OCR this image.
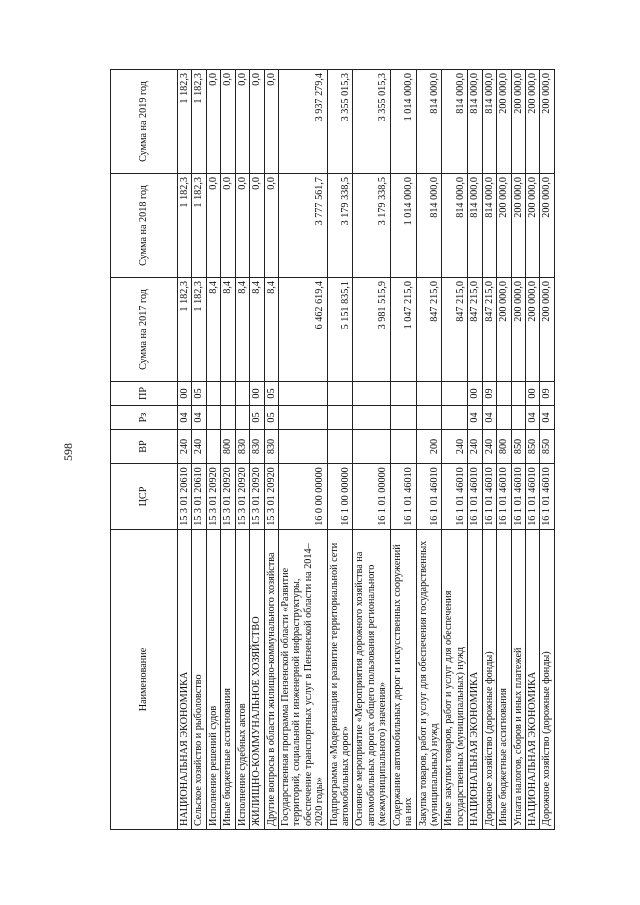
598
Наименование	ЦСР	ВР	Рз	ПР	Сумма на 2017 год	Сумма на 2018 год	Сумма на 2019 год
НАЦИОНАЛЬНАЯ ЭКОНОМИКА	15 3 01 20610	240	04	00	1 182,3	1 182,3	1 182,3
Сельское хозяйство и рыболовство	15 3 01 20610	240	04	05	1 182,3	1 182,3	1 182,3
Исполнение решений судов	15 3 01 20920				8,4	0,0	0,0
Иные бюджетные ассигнования	15 3 01 20920	800			8,4	0,0	0,0
Исполнение судебных актов	15 3 01 20920	830			8,4	0,0	0,0
ЖИЛИЩНО-КОММУНАЛЬНОЕ ХОЗЯЙСТВО	15 3 01 20920	830	05	00	8,4	0,0	0,0
Другие вопросы в области жилищно-коммунального хозяйства	15 3 01 20920	830	05	05	8,4	0,0	0,0
Государственная программа Пензенской области «Развитие территорий, социальной и инженерной инфраструктуры, обеспечение транспортных услуг в Пензенской области на 2014–2020 годы»	16 0 00 00000				6 462 619,4	3 777 561,7	3 937 279,4
Подпрограмма «Модернизация и развитие территориальной сети автомобильных дорог»	16 1 00 00000				5 151 835,1	3 179 338,5	3 355 015,3
Основное мероприятие «Мероприятия дорожного хозяйства на автомобильных дорогах общего пользования регионального (межмуниципального) значения»	16 1 01 00000				3 981 515,9	3 179 338,5	3 355 015,3
Содержание автомобильных дорог и искусственных сооружений на них	16 1 01 46010				1 047 215,0	1 014 000,0	1 014 000,0
Закупка товаров, работ и услуг для обеспечения государственных (муниципальных) нужд	16 1 01 46010	200			847 215,0	814 000,0	814 000,0
Иные закупки товаров, работ и услуг для обеспечения государственных (муниципальных) нужд	16 1 01 46010	240			847 215,0	814 000,0	814 000,0
НАЦИОНАЛЬНАЯ ЭКОНОМИКА	16 1 01 46010	240	04	00	847 215,0	814 000,0	814 000,0
Дорожное хозяйство (дорожные фонды)	16 1 01 46010	240	04	09	847 215,0	814 000,0	814 000,0
Иные бюджетные ассигнования	16 1 01 46010	800			200 000,0	200 000,0	200 000,0
Уплата налогов, сборов и иных платежей	16 1 01 46010	850			200 000,0	200 000,0	200 000,0
НАЦИОНАЛЬНАЯ ЭКОНОМИКА	16 1 01 46010	850	04	00	200 000,0	200 000,0	200 000,0
Дорожное хозяйство (дорожные фонды)	16 1 01 46010	850	04	09	200 000,0	200 000,0	200 000,0
